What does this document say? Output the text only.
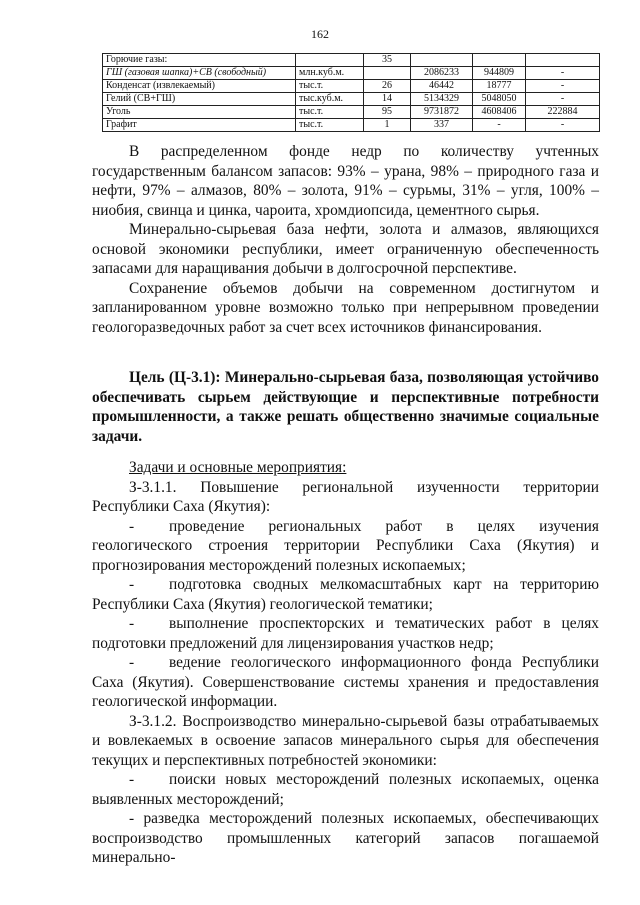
162
Горючие газы:		35			
ГШ (газовая шапка)+СВ (свободный)	млн.куб.м.		2086233	944809	-
Конденсат (извлекаемый)	тыс.т.	26	46442	18777	-
Гелий (СВ+ГШ)	тыс.куб.м.	14	5134329	5048050	-
Уголь	тыс.т.	95	9731872	4608406	222884
Графит	тыс.т.	1	337	-	-

В распределенном фонде недр по количеству учтенных государственным балансом запасов: 93% – урана, 98% – природного газа и нефти, 97% – алмазов, 80% – золота, 91% – сурьмы, 31% – угля, 100% – ниобия, свинца и цинка, чароита, хромдиопсида, цементного сырья.

Минерально-сырьевая база нефти, золота и алмазов, являющихся основой экономики республики, имеет ограниченную обеспеченность запасами для наращивания добычи в долгосрочной перспективе.

Сохранение объемов добычи на современном достигнутом и запланированном уровне возможно только при непрерывном проведении геологоразведочных работ за счет всех источников финансирования.

Цель (Ц-3.1): Минерально-сырьевая база, позволяющая устойчиво обеспечивать сырьем действующие и перспективные потребности промышленности, а также решать общественно значимые социальные задачи.

Задачи и основные мероприятия:

З-3.1.1. Повышение региональной изученности территории Республики Саха (Якутия):

- проведение региональных работ в целях изучения геологического строения территории Республики Саха (Якутия) и прогнозирования месторождений полезных ископаемых;

- подготовка сводных мелкомасштабных карт на территорию Республики Саха (Якутия) геологической тематики;

- выполнение проспекторских и тематических работ в целях подготовки предложений для лицензирования участков недр;

- ведение геологического информационного фонда Республики Саха (Якутия). Совершенствование системы хранения и предоставления геологической информации.

З-3.1.2. Воспроизводство минерально-сырьевой базы отрабатываемых и вовлекаемых в освоение запасов минерального сырья для обеспечения текущих и перспективных потребностей экономики:

- поиски новых месторождений полезных ископаемых, оценка выявленных месторождений;

- разведка месторождений полезных ископаемых, обеспечивающих воспроизводство промышленных категорий запасов погашаемой минерально-
